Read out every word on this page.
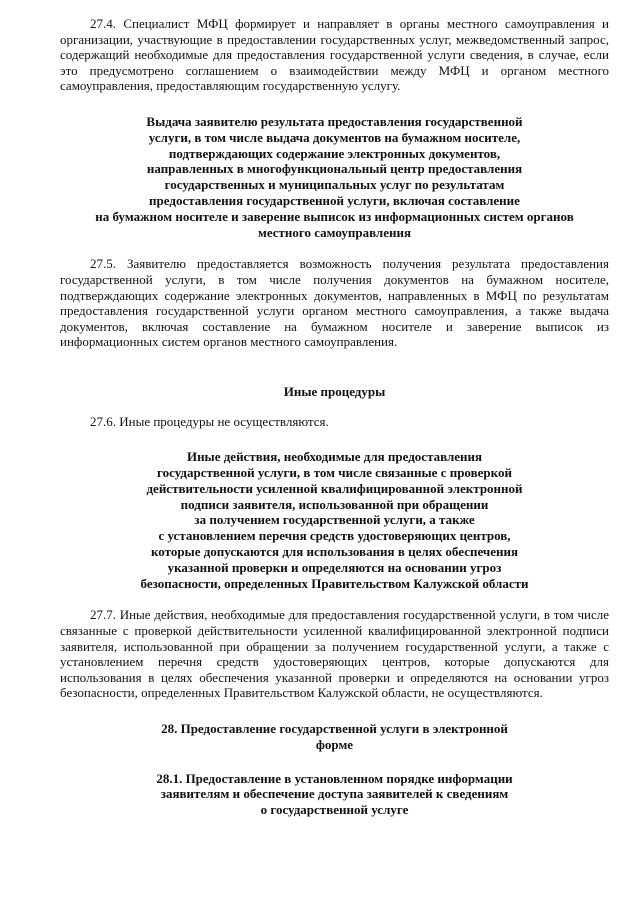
27.4. Специалист МФЦ формирует и направляет в органы местного самоуправления и организации, участвующие в предоставлении государственных услуг, межведомственный запрос, содержащий необходимые для предоставления государственной услуги сведения, в случае, если это предусмотрено соглашением о взаимодействии между МФЦ и органом местного самоуправления, предоставляющим государственную услугу.

Выдача заявителю результата предоставления государственной
услуги, в том числе выдача документов на бумажном носителе,
подтверждающих содержание электронных документов,
направленных в многофункциональный центр предоставления
государственных и муниципальных услуг по результатам
предоставления государственной услуги, включая составление
на бумажном носителе и заверение выписок из информационных систем органов
местного самоуправления

27.5. Заявителю предоставляется возможность получения результата предоставления государственной услуги, в том числе получения документов на бумажном носителе, подтверждающих содержание электронных документов, направленных в МФЦ по результатам предоставления государственной услуги органом местного самоуправления, а также выдача документов, включая составление на бумажном носителе и заверение выписок из информационных систем органов местного самоуправления.

Иные процедуры

27.6. Иные процедуры не осуществляются.

Иные действия, необходимые для предоставления
государственной услуги, в том числе связанные с проверкой
действительности усиленной квалифицированной электронной
подписи заявителя, использованной при обращении
за получением государственной услуги, а также
с установлением перечня средств удостоверяющих центров,
которые допускаются для использования в целях обеспечения
указанной проверки и определяются на основании угроз
безопасности, определенных Правительством Калужской области

27.7. Иные действия, необходимые для предоставления государственной услуги, в том числе связанные с проверкой действительности усиленной квалифицированной электронной подписи заявителя, использованной при обращении за получением государственной услуги, а также с установлением перечня средств удостоверяющих центров, которые допускаются для использования в целях обеспечения указанной проверки и определяются на основании угроз безопасности, определенных Правительством Калужской области, не осуществляются.

28. Предоставление государственной услуги в электронной
форме
28.1. Предоставление в установленном порядке информации
заявителям и обеспечение доступа заявителей к сведениям
о государственной услуге
